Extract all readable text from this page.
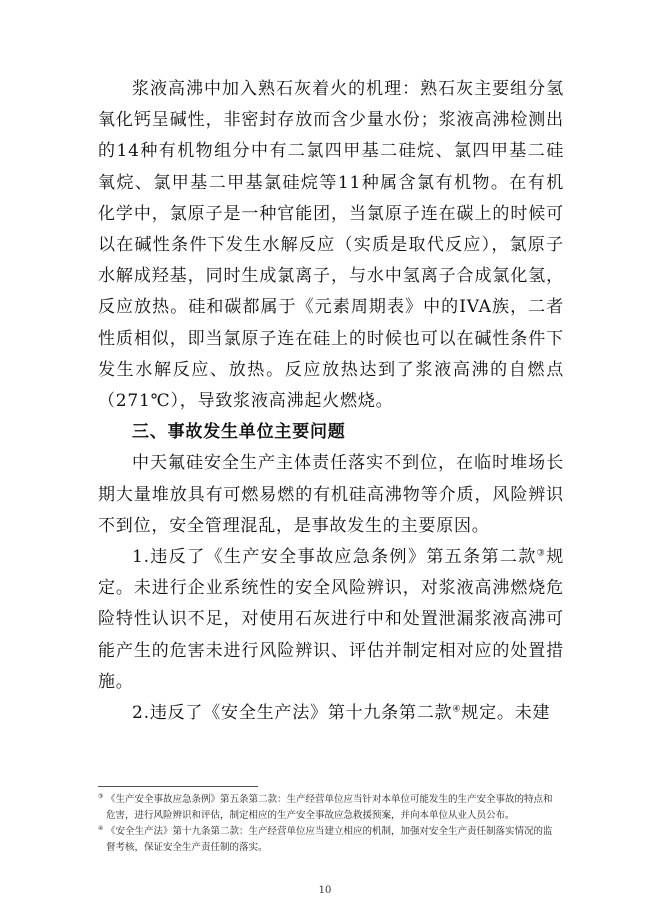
浆液高沸中加入熟石灰着火的机理：熟石灰主要组分氢氧化钙呈碱性，非密封存放而含少量水份；浆液高沸检测出的14种有机物组分中有二氯四甲基二硅烷、氯四甲基二硅氧烷、氯甲基二甲基氯硅烷等11种属含氯有机物。在有机化学中，氯原子是一种官能团，当氯原子连在碳上的时候可以在碱性条件下发生水解反应（实质是取代反应），氯原子水解成羟基，同时生成氯离子，与水中氢离子合成氯化氢，反应放热。硅和碳都属于《元素周期表》中的IVA族，二者性质相似，即当氯原子连在硅上的时候也可以在碱性条件下发生水解反应、放热。反应放热达到了浆液高沸的自燃点（271℃），导致浆液高沸起火燃烧。

三、事故发生单位主要问题

中天氟硅安全生产主体责任落实不到位，在临时堆场长期大量堆放具有可燃易燃的有机硅高沸物等介质，风险辨识不到位，安全管理混乱，是事故发生的主要原因。

1.违反了《生产安全事故应急条例》第五条第二款③规定。未进行企业系统性的安全风险辨识，对浆液高沸燃烧危险特性认识不足，对使用石灰进行中和处置泄漏浆液高沸可能产生的危害未进行风险辨识、评估并制定相对应的处置措施。

2.违反了《安全生产法》第十九条第二款④规定。未建

③ 《生产安全事故应急条例》第五条第二款：生产经营单位应当针对本单位可能发生的生产安全事故的特点和危害，进行风险辨识和评估，制定相应的生产安全事故应急救援预案，并向本单位从业人员公布。

④ 《安全生产法》第十九条第二款：生产经营单位应当建立相应的机制，加强对安全生产责任制落实情况的监督考核，保证安全生产责任制的落实。

10
